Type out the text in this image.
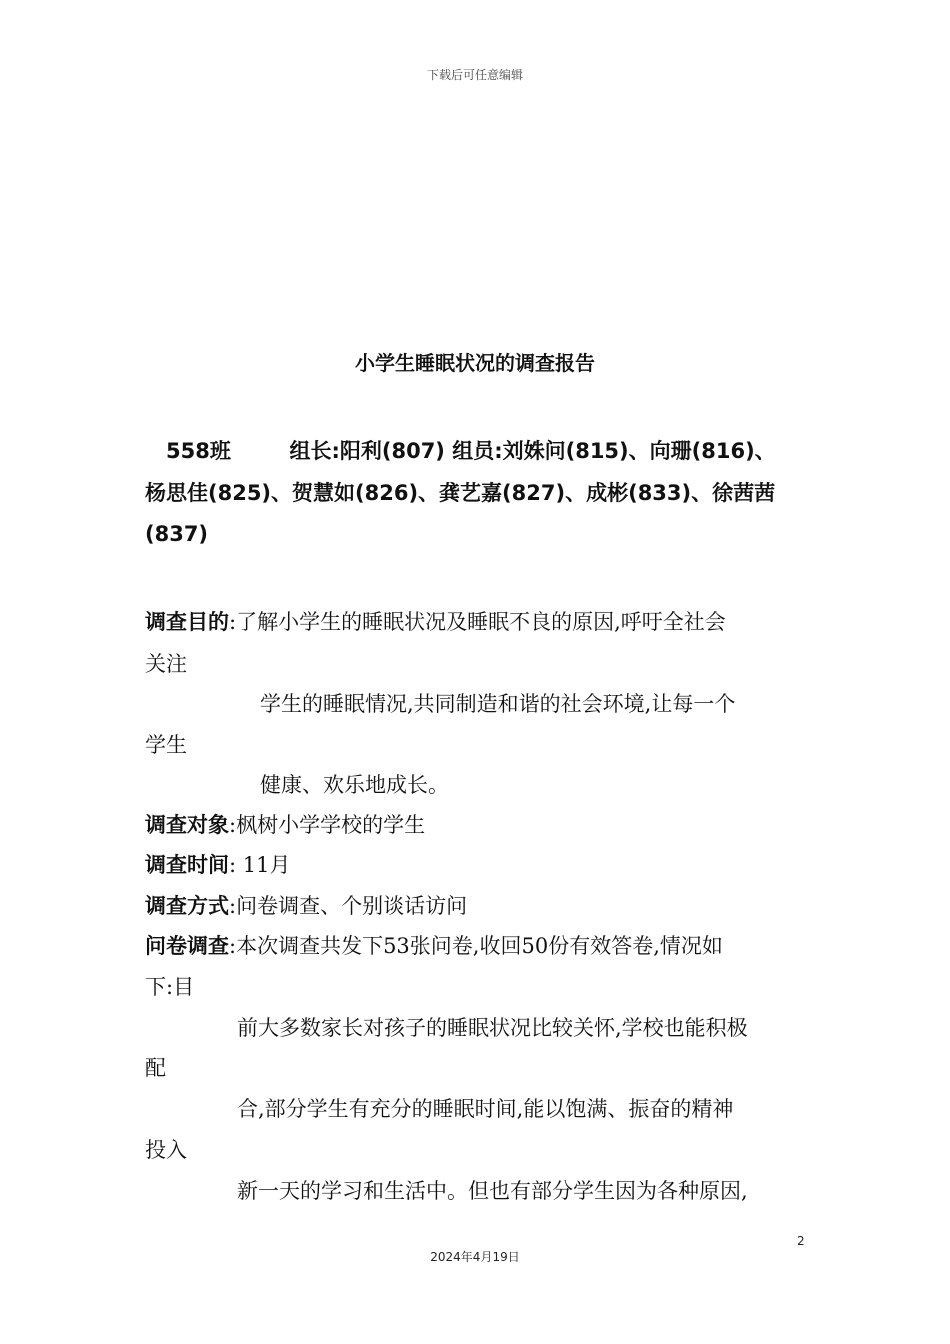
下载后可任意编辑
小学生睡眠状况的调查报告
558班	组长:阳利(807) 组员:刘姝问(815)、向珊(816)、
杨思佳(825)、贺慧如(826)、龚艺嘉(827)、成彬(833)、徐茜茜
(837)
调查目的:了解小学生的睡眠状况及睡眠不良的原因,呼吁全社会
关注
学生的睡眠情况,共同制造和谐的社会环境,让每一个
学生
健康、欢乐地成长。
调查对象:枫树小学学校的学生
调查时间: 11月
调查方式:问卷调查、个别谈话访问
问卷调查:本次调查共发下53张问卷,收回50份有效答卷,情况如
下:目
前大多数家长对孩子的睡眠状况比较关怀,学校也能积极
配
合,部分学生有充分的睡眠时间,能以饱满、振奋的精神
投入
新一天的学习和生活中。但也有部分学生因为各种原因,
2
2024年4月19日
